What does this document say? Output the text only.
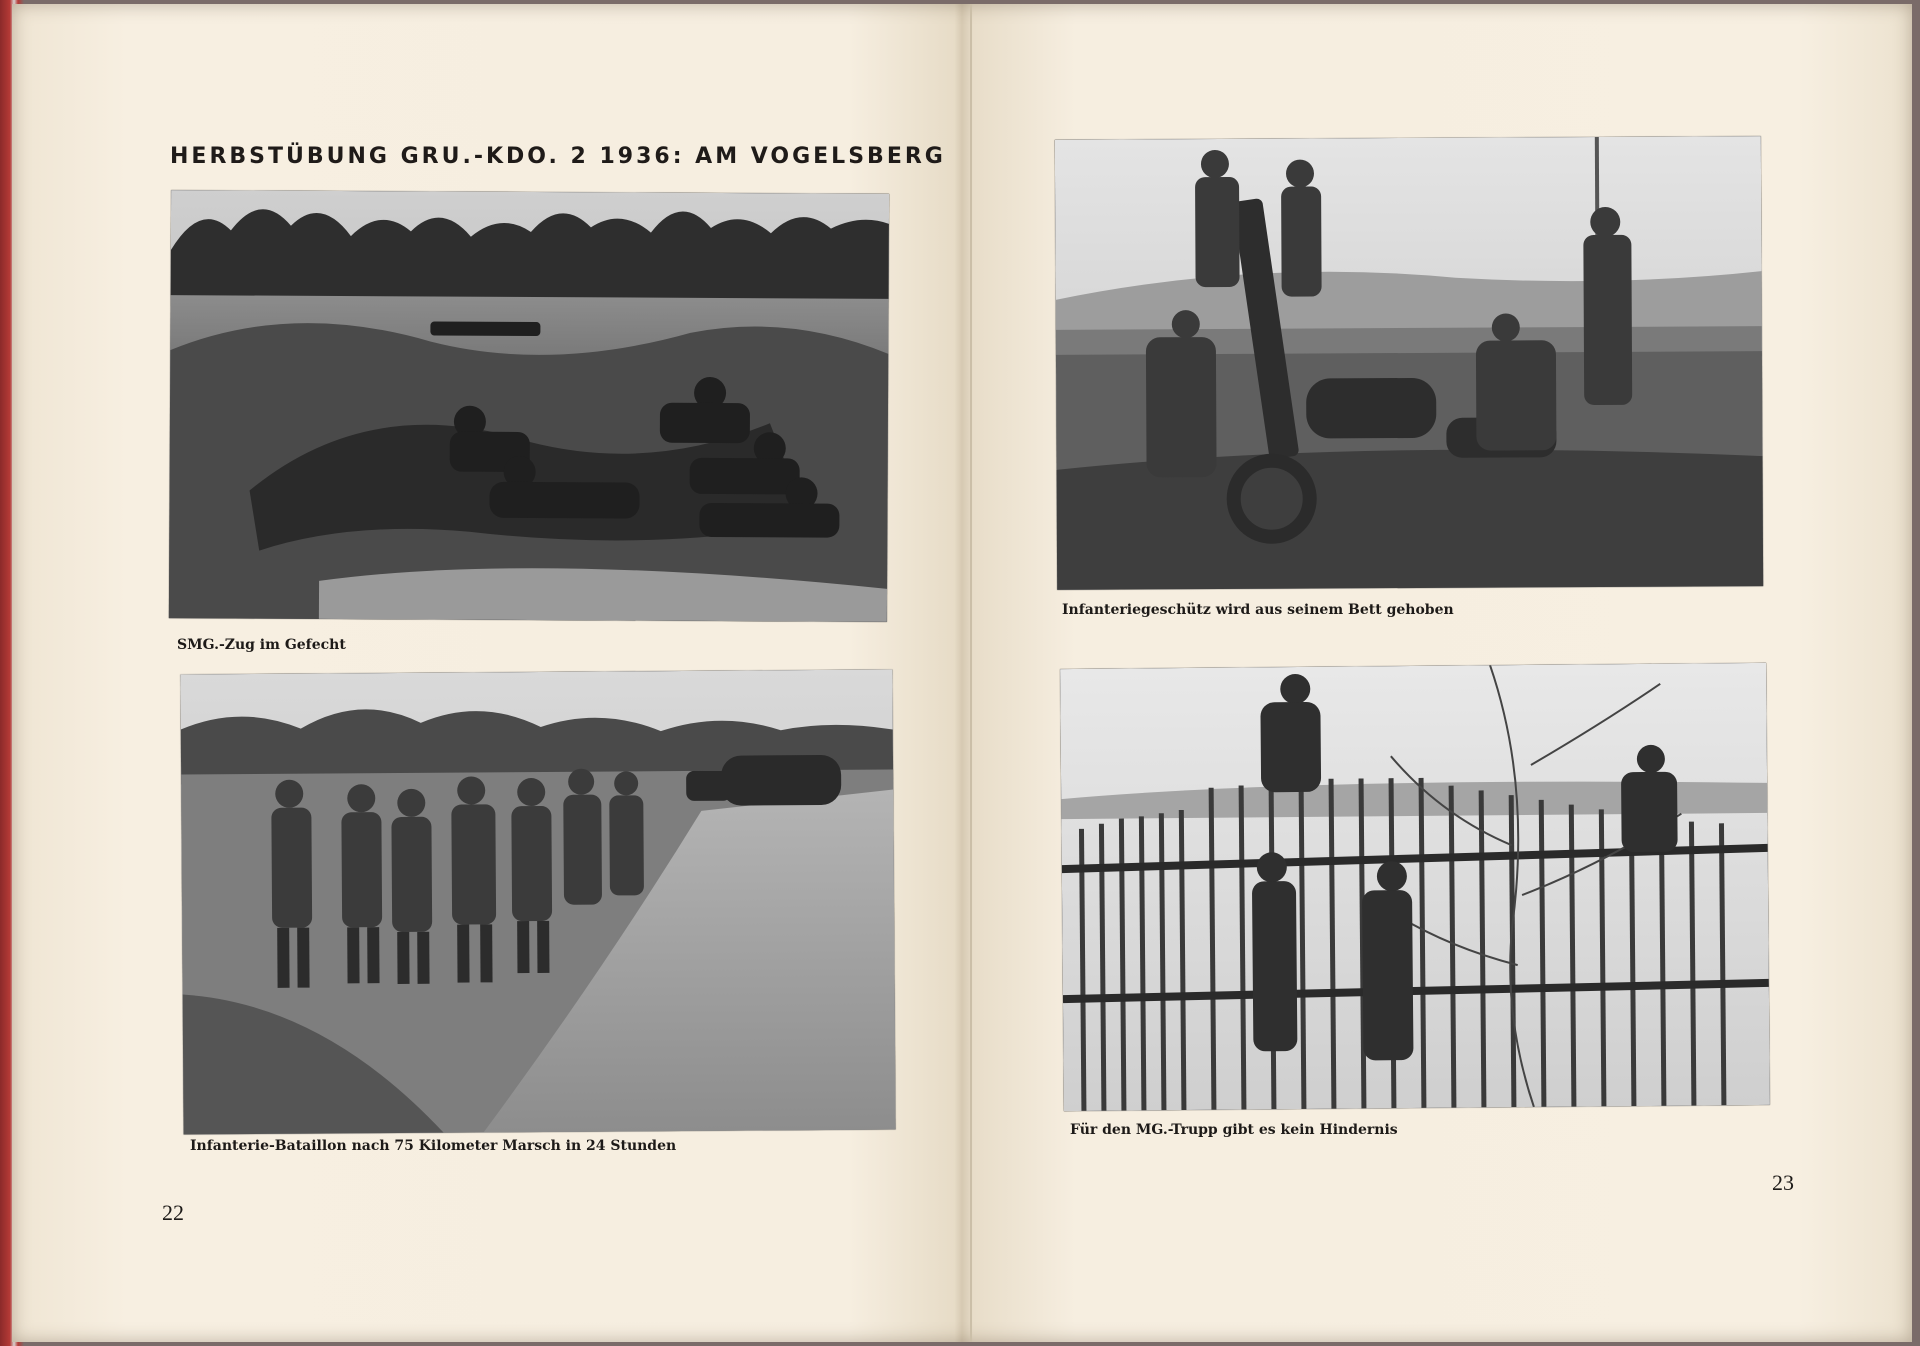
HERBSTÜBUNG GRU.-KDO. 2 1936: AM VOGELSBERG
SMG.-Zug im Gefecht
Infanterie-Bataillon nach 75 Kilometer Marsch in 24 Stunden
22
Infanteriegeschütz wird aus seinem Bett gehoben
Für den MG.-Trupp gibt es kein Hindernis
23
